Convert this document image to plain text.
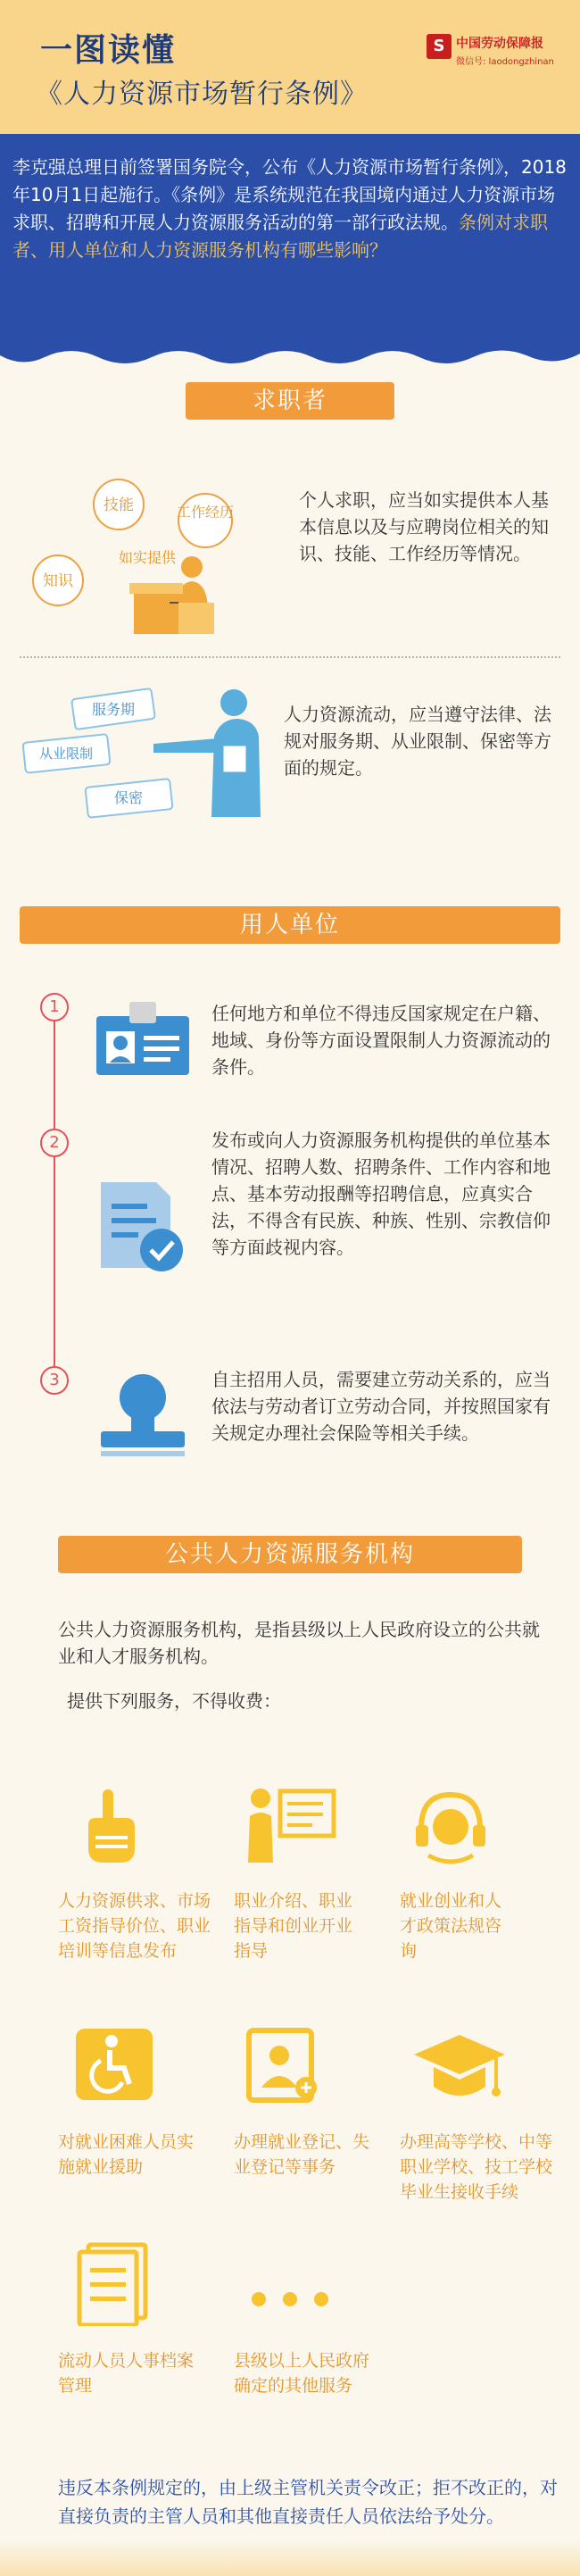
一图读懂
《人力资源市场暂行条例》
S 中国劳动保障报
微信号: laodongzhinan

李克强总理日前签署国务院令，公布《人力资源市场暂行条例》，2018年10月1日起施行。《条例》是系统规范在我国境内通过人力资源市场求职、招聘和开展人力资源服务活动的第一部行政法规。条例对求职者、用人单位和人力资源服务机构有哪些影响？

求职者
技能	工作经历
如实提供
知识
个人求职，应当如实提供本人基本信息以及与应聘岗位相关的知识、技能、工作经历等情况。
服务期
从业限制
保密
人力资源流动，应当遵守法律、法规对服务期、从业限制、保密等方面的规定。
用人单位
1	任何地方和单位不得违反国家规定在户籍、地域、身份等方面设置限制人力资源流动的条件。
2	发布或向人力资源服务机构提供的单位基本情况、招聘人数、招聘条件、工作内容和地点、基本劳动报酬等招聘信息，应真实合法，不得含有民族、种族、性别、宗教信仰等方面歧视内容。
3	自主招用人员，需要建立劳动关系的，应当依法与劳动者订立劳动合同，并按照国家有关规定办理社会保险等相关手续。
公共人力资源服务机构
公共人力资源服务机构，是指县级以上人民政府设立的公共就业和人才服务机构。
提供下列服务，不得收费：
人力资源供求、市场工资指导价位、职业培训等信息发布
职业介绍、职业指导和创业开业指导
就业创业和人才政策法规咨询
对就业困难人员实施就业援助
办理就业登记、失业登记等事务
办理高等学校、中等职业学校、技工学校毕业生接收手续
流动人员人事档案管理
县级以上人民政府确定的其他服务
违反本条例规定的，由上级主管机关责令改正；拒不改正的，对直接负责的主管人员和其他直接责任人员依法给予处分。
